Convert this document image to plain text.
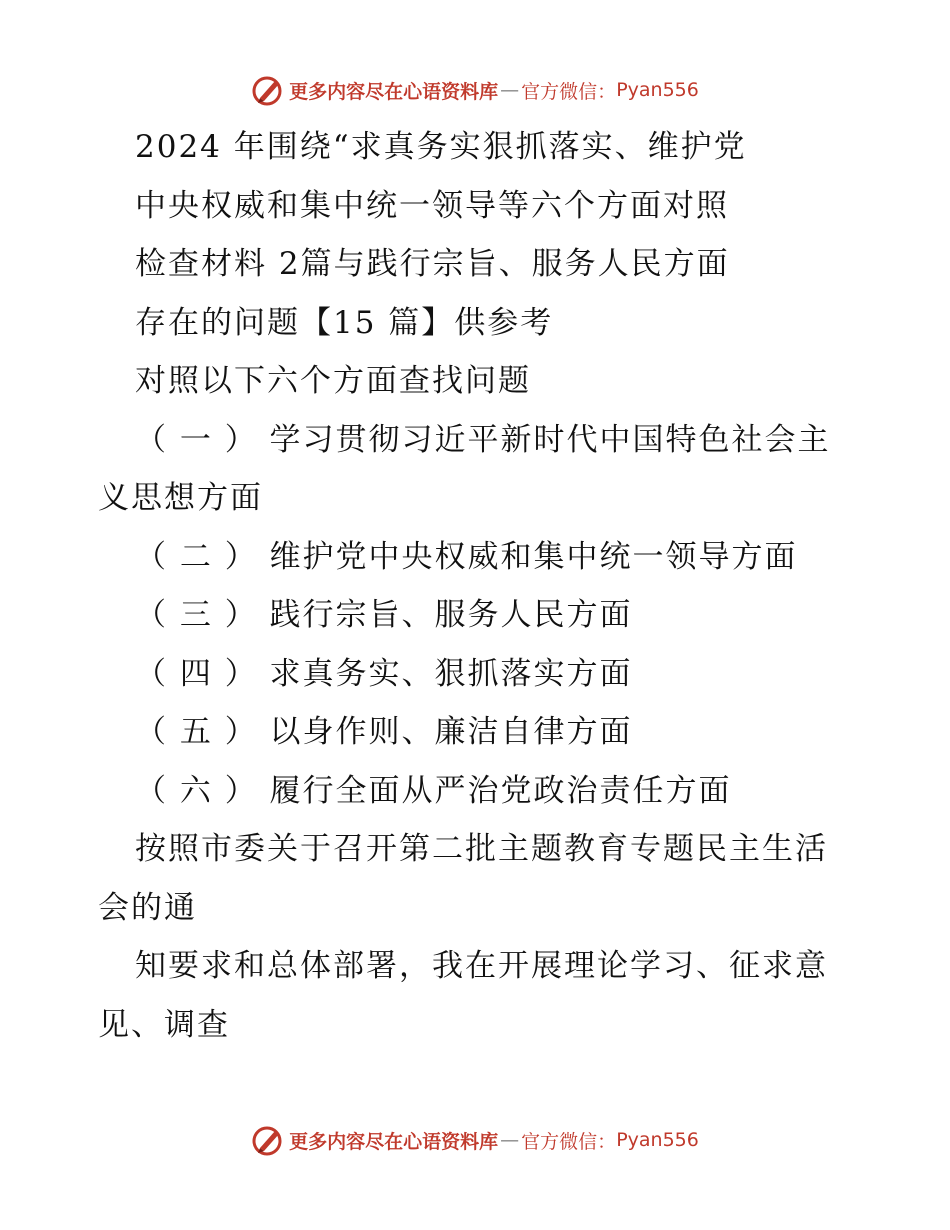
更多内容尽在心语资料库 — 官方微信： Pyan556
2024 年围绕“求真务实狠抓落实、维护党
中央权威和集中统一领导等六个方面对照
检查材料 2篇与践行宗旨、服务人民方面
存在的问题【15 篇】供参考
对照以下六个方面查找问题
（ 一 ） 学习贯彻习近平新时代中国特色社会主
义思想方面
（ 二 ） 维护党中央权威和集中统一领导方面
（ 三 ） 践行宗旨、服务人民方面
（ 四 ） 求真务实、狠抓落实方面
（ 五 ） 以身作则、廉洁自律方面
（ 六 ） 履行全面从严治党政治责任方面
按照市委关于召开第二批主题教育专题民主生活
会的通
知要求和总体部署，我在开展理论学习、征求意
见、调查
更多内容尽在心语资料库 — 官方微信： Pyan556
